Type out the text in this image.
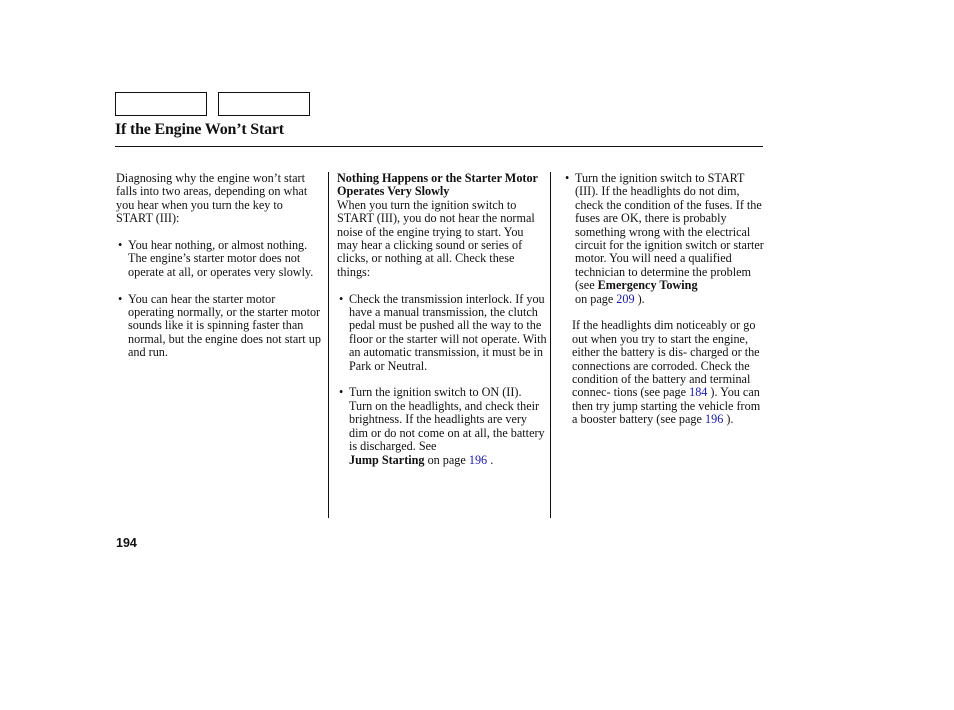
If the Engine Won’t Start

Diagnosing why the engine won’t start falls into two areas, depending on what you hear when you turn the key to START (III):

• You hear nothing, or almost nothing. The engine’s starter motor does not operate at all, or operates very slowly.

• You can hear the starter motor operating normally, or the starter motor sounds like it is spinning faster than normal, but the engine does not start up and run.

Nothing Happens or the Starter Motor Operates Very Slowly

When you turn the ignition switch to START (III), you do not hear the normal noise of the engine trying to start. You may hear a clicking sound or series of clicks, or nothing at all. Check these things:

• Check the transmission interlock. If you have a manual transmission, the clutch pedal must be pushed all the way to the floor or the starter will not operate. With an automatic transmission, it must be in Park or Neutral.

• Turn the ignition switch to ON (II). Turn on the headlights, and check their brightness. If the headlights are very dim or do not come on at all, the battery is discharged. See
Jump Starting on page 196 .

• Turn the ignition switch to START (III). If the headlights do not dim, check the condition of the fuses. If the fuses are OK, there is probably something wrong with the electrical circuit for the ignition switch or starter motor. You will need a qualified technician to determine the problem (see Emergency Towing
on page 209 ).

If the headlights dim noticeably or go out when you try to start the engine, either the battery is dis- charged or the connections are corroded. Check the condition of the battery and terminal connec- tions (see page 184 ). You can then try jump starting the vehicle from a booster battery (see page 196 ).

194
